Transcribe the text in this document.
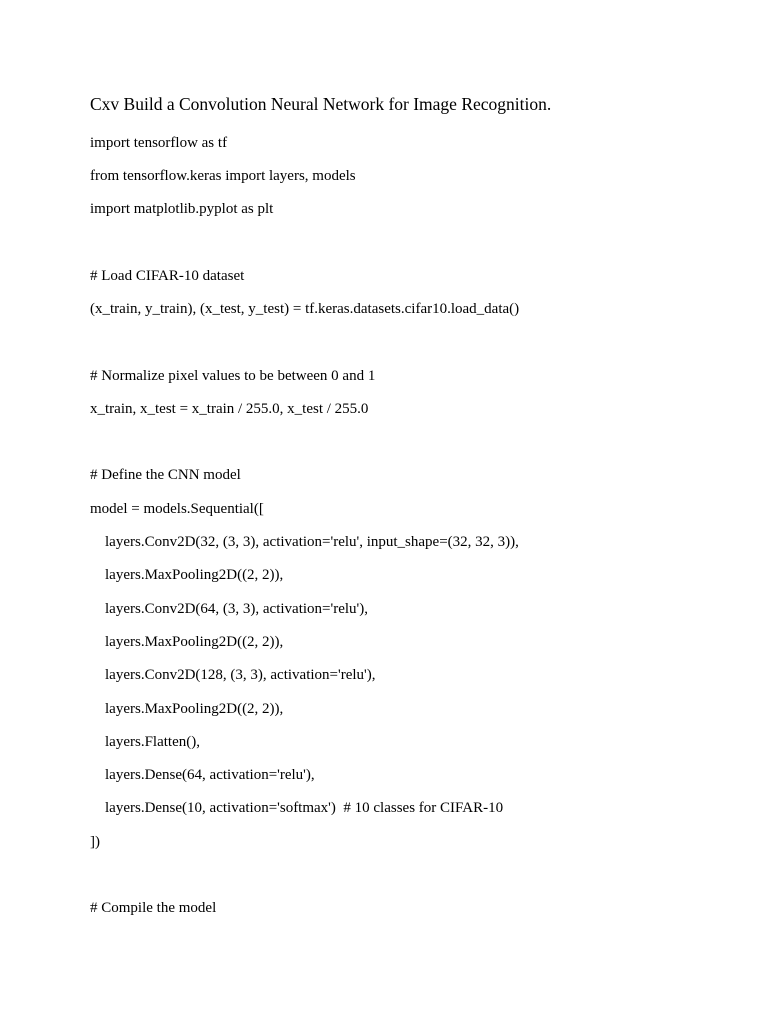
Cxv Build a Convolution Neural Network for Image Recognition.
import tensorflow as tf
from tensorflow.keras import layers, models
import matplotlib.pyplot as plt
# Load CIFAR-10 dataset
(x_train, y_train), (x_test, y_test) = tf.keras.datasets.cifar10.load_data()
# Normalize pixel values to be between 0 and 1
x_train, x_test = x_train / 255.0, x_test / 255.0
# Define the CNN model
model = models.Sequential([
layers.Conv2D(32, (3, 3), activation='relu', input_shape=(32, 32, 3)),
layers.MaxPooling2D((2, 2)),
layers.Conv2D(64, (3, 3), activation='relu'),
layers.MaxPooling2D((2, 2)),
layers.Conv2D(128, (3, 3), activation='relu'),
layers.MaxPooling2D((2, 2)),
layers.Flatten(),
layers.Dense(64, activation='relu'),
layers.Dense(10, activation='softmax')  # 10 classes for CIFAR-10
])
# Compile the model
